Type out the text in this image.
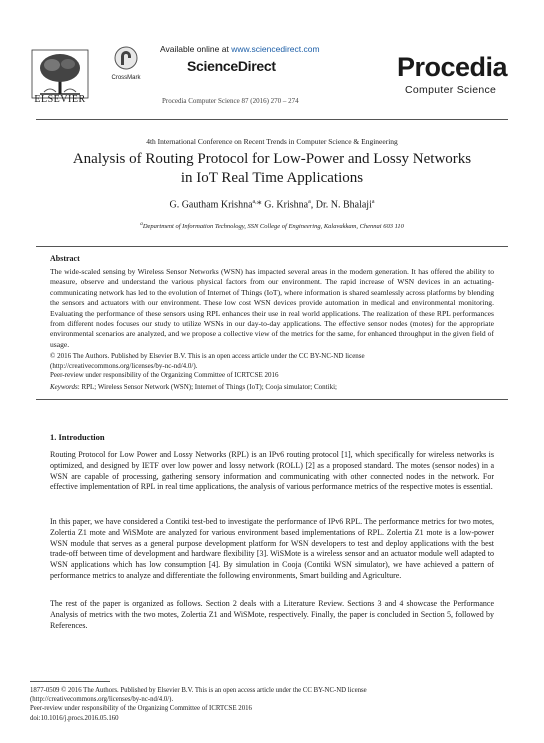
ELSEVIER
CrossMark
Available online at www.sciencedirect.com
ScienceDirect
Procedia Computer Science 87 (2016) 270 – 274
Procedia
Computer Science
4th International Conference on Recent Trends in Computer Science & Engineering
Analysis of Routing Protocol for Low-Power and Lossy Networks
in IoT Real Time Applications
G. Gautham Krishna$^{a,}$* G. Krishna$^a$, Dr. N. Bhalaji$^a$
$^a$Department of Information Technology, SSN College of Engineering, Kalavakkam, Chennai 603 110
Abstract
The wide-scaled sensing by Wireless Sensor Networks (WSN) has impacted several areas in the modern generation. It has offered the ability to measure, observe and understand the various physical factors from our environment. The rapid increase of WSN devices in an actuating-communicating network has led to the evolution of Internet of Things (IoT), where information is shared seamlessly across platforms by blending the sensors and actuators with our environment. These low cost WSN devices provide automation in medical and environmental monitoring. Evaluating the performance of these sensors using RPL enhances their use in real world applications. The realization of these RPL performances from different nodes focuses our study to utilize WSNs in our day-to-day applications. The effective sensor nodes (motes) for the appropriate environmental scenarios are analyzed, and we propose a collective view of the metrics for the same, for enhanced throughput in the given field of usage.
© 2016 The Authors. Published by Elsevier B.V. This is an open access article under the CC BY-NC-ND license
(http://creativecommons.org/licenses/by-nc-nd/4.0/).
Peer-review under responsibility of the Organizing Committee of ICRTCSE 2016
Keywords: RPL; Wireless Sensor Network (WSN); Internet of Things (IoT); Cooja simulator; Contiki;
1. Introduction
Routing Protocol for Low Power and Lossy Networks (RPL) is an IPv6 routing protocol [1], which specifically for wireless networks is optimized, and designed by IETF over low power and lossy network (ROLL) [2] as a proposed standard. The motes (sensor nodes) in a WSN are capable of processing, gathering sensory information and communicating with other connected nodes in the network. For effective implementation of RPL in real time applications, the analysis of various performance metrics of the respective motes is essential.
In this paper, we have considered a Contiki test-bed to investigate the performance of IPv6 RPL. The performance metrics for two motes, Zolertia Z1 mote and WiSMote are analyzed for various environment based implementations of RPL. Zolertia Z1 mote is a low-power WSN module that serves as a general purpose development platform for WSN developers to test and deploy applications with the best trade-off between time of development and hardware flexibility [3]. WiSMote is a wireless sensor and an actuator module well adapted to WSN applications which has low consumption [4]. By simulation in Cooja (Contiki WSN simulator), we have achieved a pattern of performance metrics to analyze and differentiate the following environments, Smart building and Agriculture.
The rest of the paper is organized as follows. Section 2 deals with a Literature Review. Sections 3 and 4 showcase the Performance Analysis of metrics with the two motes, Zolertia Z1 and WiSMote, respectively. Finally, the paper is concluded in Section 5, followed by References.
1877-0509 © 2016 The Authors. Published by Elsevier B.V. This is an open access article under the CC BY-NC-ND license
(http://creativecommons.org/licenses/by-nc-nd/4.0/).
Peer-review under responsibility of the Organizing Committee of ICRTCSE 2016
doi:10.1016/j.procs.2016.05.160
